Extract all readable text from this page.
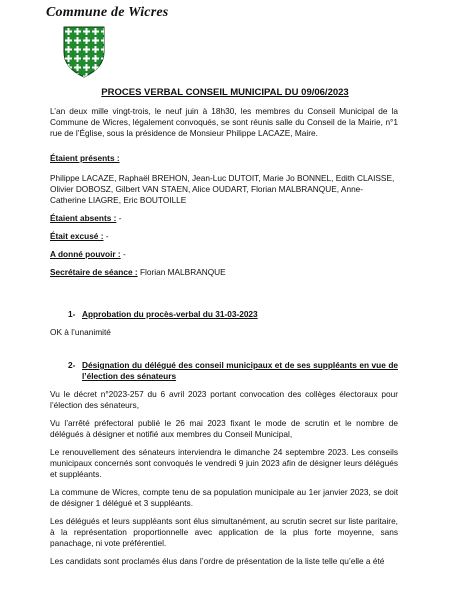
Commune de Wicres
PROCES VERBAL CONSEIL MUNICIPAL DU 09/06/2023

L’an deux mille vingt-trois, le neuf juin à 18h30, les membres du Conseil Municipal de la Commune de Wicres, légalement convoqués, se sont réunis salle du Conseil de la Mairie, n°1 rue de l’Église, sous la présidence de Monsieur Philippe LACAZE, Maire.

Étaient présents :

Philippe LACAZE, Raphaël BREHON, Jean-Luc DUTOIT, Marie Jo BONNEL, Edith CLAISSE, Olivier DOBOSZ, Gilbert VAN STAEN, Alice OUDART, Florian MALBRANQUE, Anne-Catherine LIAGRE, Eric BOUTOILLE

Étaient absents : -
Était excusé : -
A donné pouvoir : -
Secrétaire de séance : Florian MALBRANQUE
1- Approbation du procès-verbal du 31-03-2023
OK à l’unanimité
2- Désignation du délégué des conseil municipaux et de ses suppléants en vue de l’élection des sénateurs

Vu le décret n°2023-257 du 6 avril 2023 portant convocation des collèges électoraux pour l’élection des sénateurs,

Vu l’arrêté préfectoral publié le 26 mai 2023 fixant le mode de scrutin et le nombre de délégués à désigner et notifié aux membres du Conseil Municipal,

Le renouvellement des sénateurs interviendra le dimanche 24 septembre 2023. Les conseils municipaux concernés sont convoqués le vendredi 9 juin 2023 afin de désigner leurs délégués et suppléants.

La commune de Wicres, compte tenu de sa population municipale au 1er janvier 2023, se doit de désigner 1 délégué et 3 suppléants.

Les délégués et leurs suppléants sont élus simultanément, au scrutin secret sur liste paritaire, à la représentation proportionnelle avec application de la plus forte moyenne, sans panachage, ni vote préférentiel.

Les candidats sont proclamés élus dans l’ordre de présentation de la liste telle qu’elle a été
